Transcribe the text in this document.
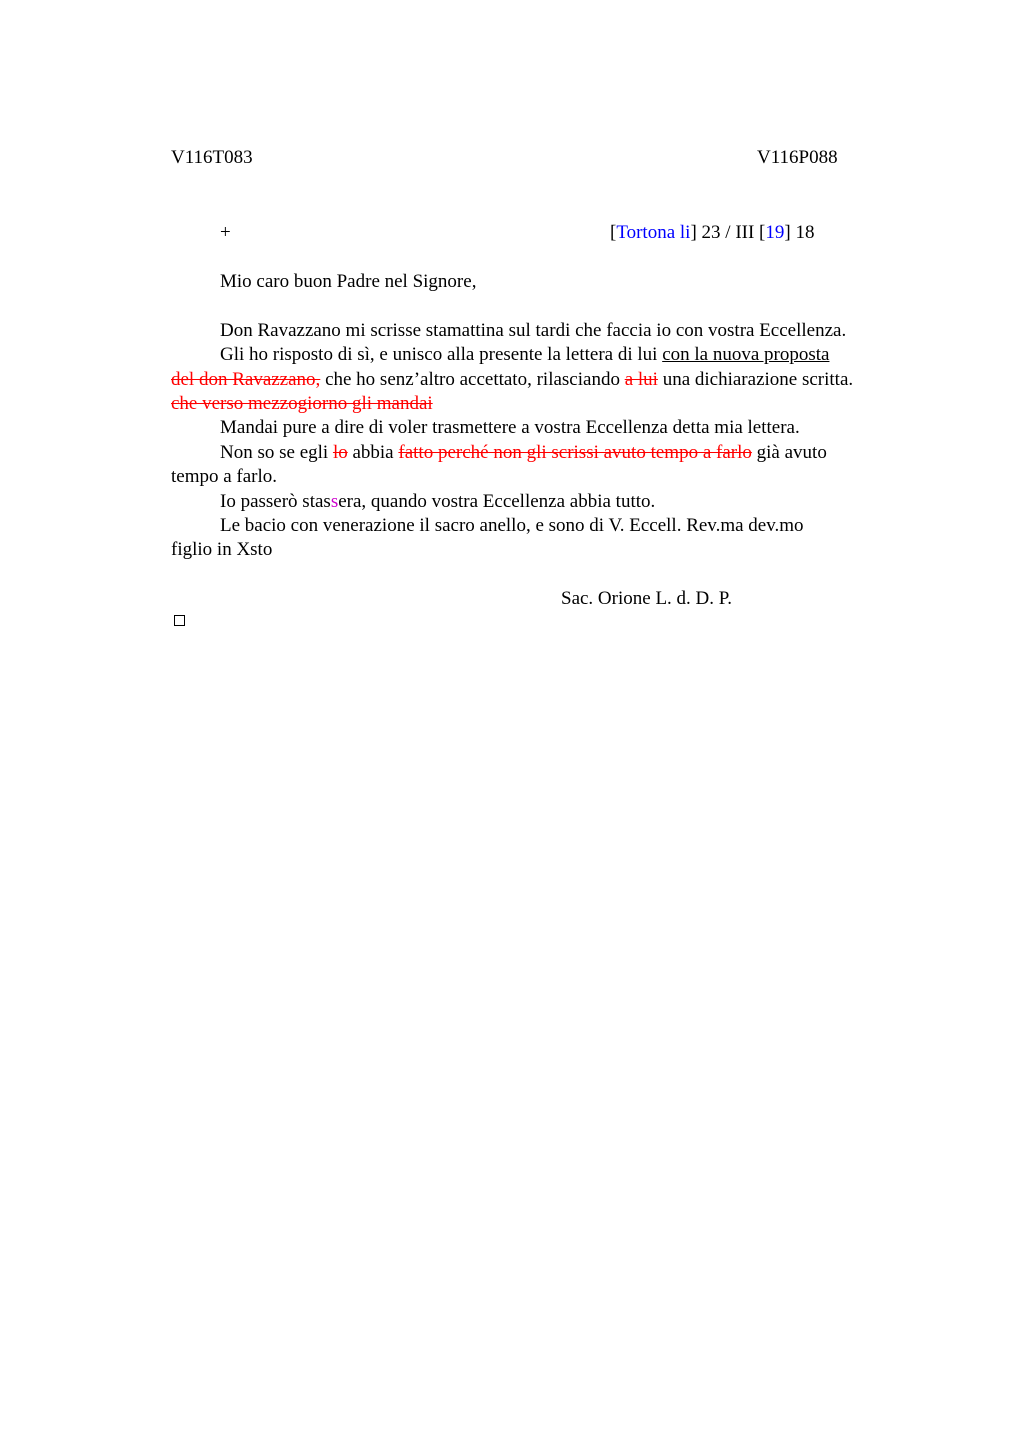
V116T083	V116P088
+	[Tortona li] 23 / III [19] 18
Mio caro buon Padre nel Signore,
Don Ravazzano mi scrisse stamattina sul tardi che faccia io con vostra Eccellenza.
Gli ho risposto di sì, e unisco alla presente la lettera di lui con la nuova proposta
del don Ravazzano, che ho senz’altro accettato, rilasciando a lui una dichiarazione scritta.
che verso mezzogiorno gli mandai
Mandai pure a dire di voler trasmettere a vostra Eccellenza detta mia lettera.
Non so se egli lo abbia fatto perché non gli scrissi avuto tempo a farlo già avuto
tempo a farlo.
Io passerò stassera, quando vostra Eccellenza abbia tutto.
Le bacio con venerazione il sacro anello, e sono di V. Eccell. Rev.ma dev.mo
figlio in Xsto
Sac. Orione L. d. D. P.
